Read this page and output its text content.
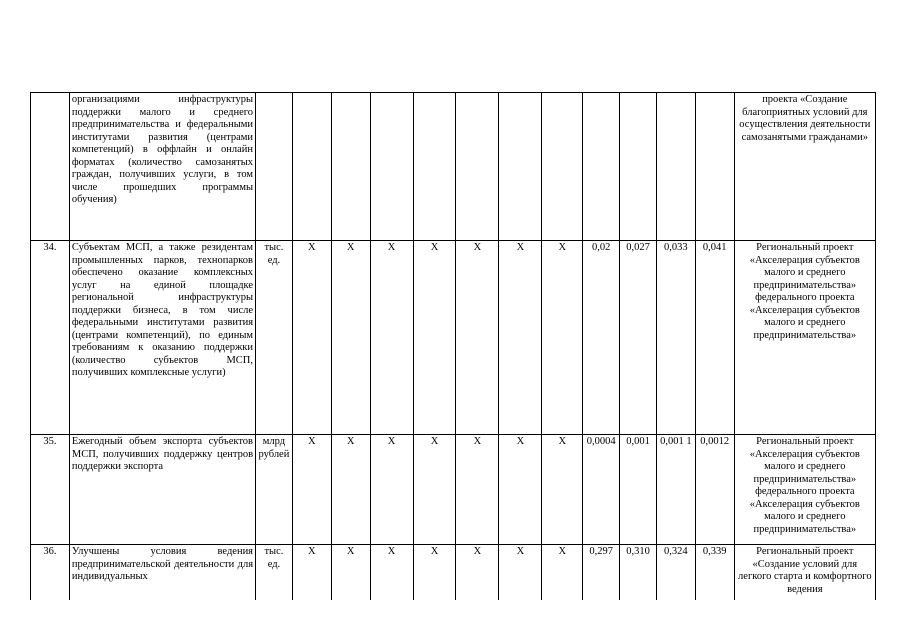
	организациями инфраструктуры поддержки малого и среднего предпринимательства и федеральными институтами развития (центрами компетенций) в оффлайн и онлайн форматах (количество самозанятых граждан, получивших услуги, в том числе прошедших программы обучения)													проекта «Создание благоприятных условий для осуществления деятельности самозанятыми гражданами»
34.	Субъектам МСП, а также резидентам промышленных парков, технопарков обеспечено оказание комплексных услуг на единой площадке региональной инфраструктуры поддержки бизнеса, в том числе федеральными институтами развития (центрами компетенций), по единым требованиям к оказанию поддержки (количество субъектов МСП, получивших комплексные услуги)	тыс. ед.	Х	Х	Х	Х	Х	Х	Х	0,02	0,027	0,033	0,041	Региональный проект «Акселерация субъектов малого и среднего предпринимательства» федерального проекта «Акселерация субъектов малого и среднего предпринимательства»
35.	Ежегодный объем экспорта субъектов МСП, получивших поддержку центров поддержки экспорта	млрд рублей	Х	Х	Х	Х	Х	Х	Х	0,0004	0,001	0,001 1	0,0012	Региональный проект «Акселерация субъектов малого и среднего предпринимательства» федерального проекта «Акселерация субъектов малого и среднего предпринимательства»
36.	Улучшены условия ведения предпринимательской деятельности для индивидуальных	тыс. ед.	Х	Х	Х	Х	Х	Х	Х	0,297	0,310	0,324	0,339	Региональный проект «Создание условий для легкого старта и комфортного ведения
